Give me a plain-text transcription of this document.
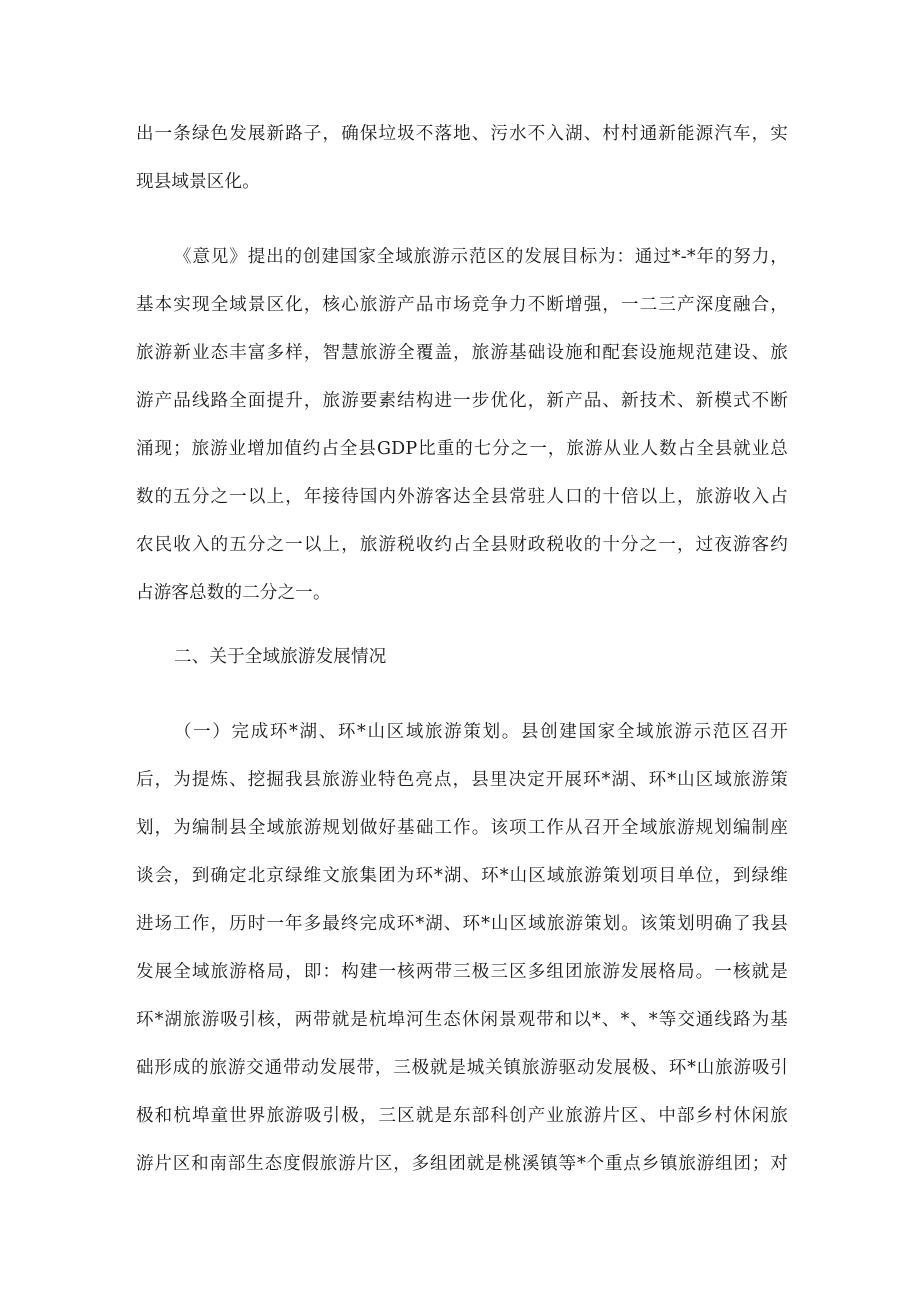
出一条绿色发展新路子，确保垃圾不落地、污水不入湖、村村通新能源汽车，实
现县域景区化。
《意见》提出的创建国家全域旅游示范区的发展目标为：通过*-*年的努力，
基本实现全域景区化，核心旅游产品市场竞争力不断增强，一二三产深度融合，
旅游新业态丰富多样，智慧旅游全覆盖，旅游基础设施和配套设施规范建设、旅
游产品线路全面提升，旅游要素结构进一步优化，新产品、新技术、新模式不断
涌现；旅游业增加值约占全县GDP比重的七分之一，旅游从业人数占全县就业总
数的五分之一以上，年接待国内外游客达全县常驻人口的十倍以上，旅游收入占
农民收入的五分之一以上，旅游税收约占全县财政税收的十分之一，过夜游客约
占游客总数的二分之一。
二、关于全域旅游发展情况
（一）完成环*湖、环*山区域旅游策划。县创建国家全域旅游示范区召开
后，为提炼、挖掘我县旅游业特色亮点，县里决定开展环*湖、环*山区域旅游策
划，为编制县全域旅游规划做好基础工作。该项工作从召开全域旅游规划编制座
谈会，到确定北京绿维文旅集团为环*湖、环*山区域旅游策划项目单位，到绿维
进场工作，历时一年多最终完成环*湖、环*山区域旅游策划。该策划明确了我县
发展全域旅游格局，即：构建一核两带三极三区多组团旅游发展格局。一核就是
环*湖旅游吸引核，两带就是杭埠河生态休闲景观带和以*、*、*等交通线路为基
础形成的旅游交通带动发展带，三极就是城关镇旅游驱动发展极、环*山旅游吸引
极和杭埠童世界旅游吸引极，三区就是东部科创产业旅游片区、中部乡村休闲旅
游片区和南部生态度假旅游片区，多组团就是桃溪镇等*个重点乡镇旅游组团；对
